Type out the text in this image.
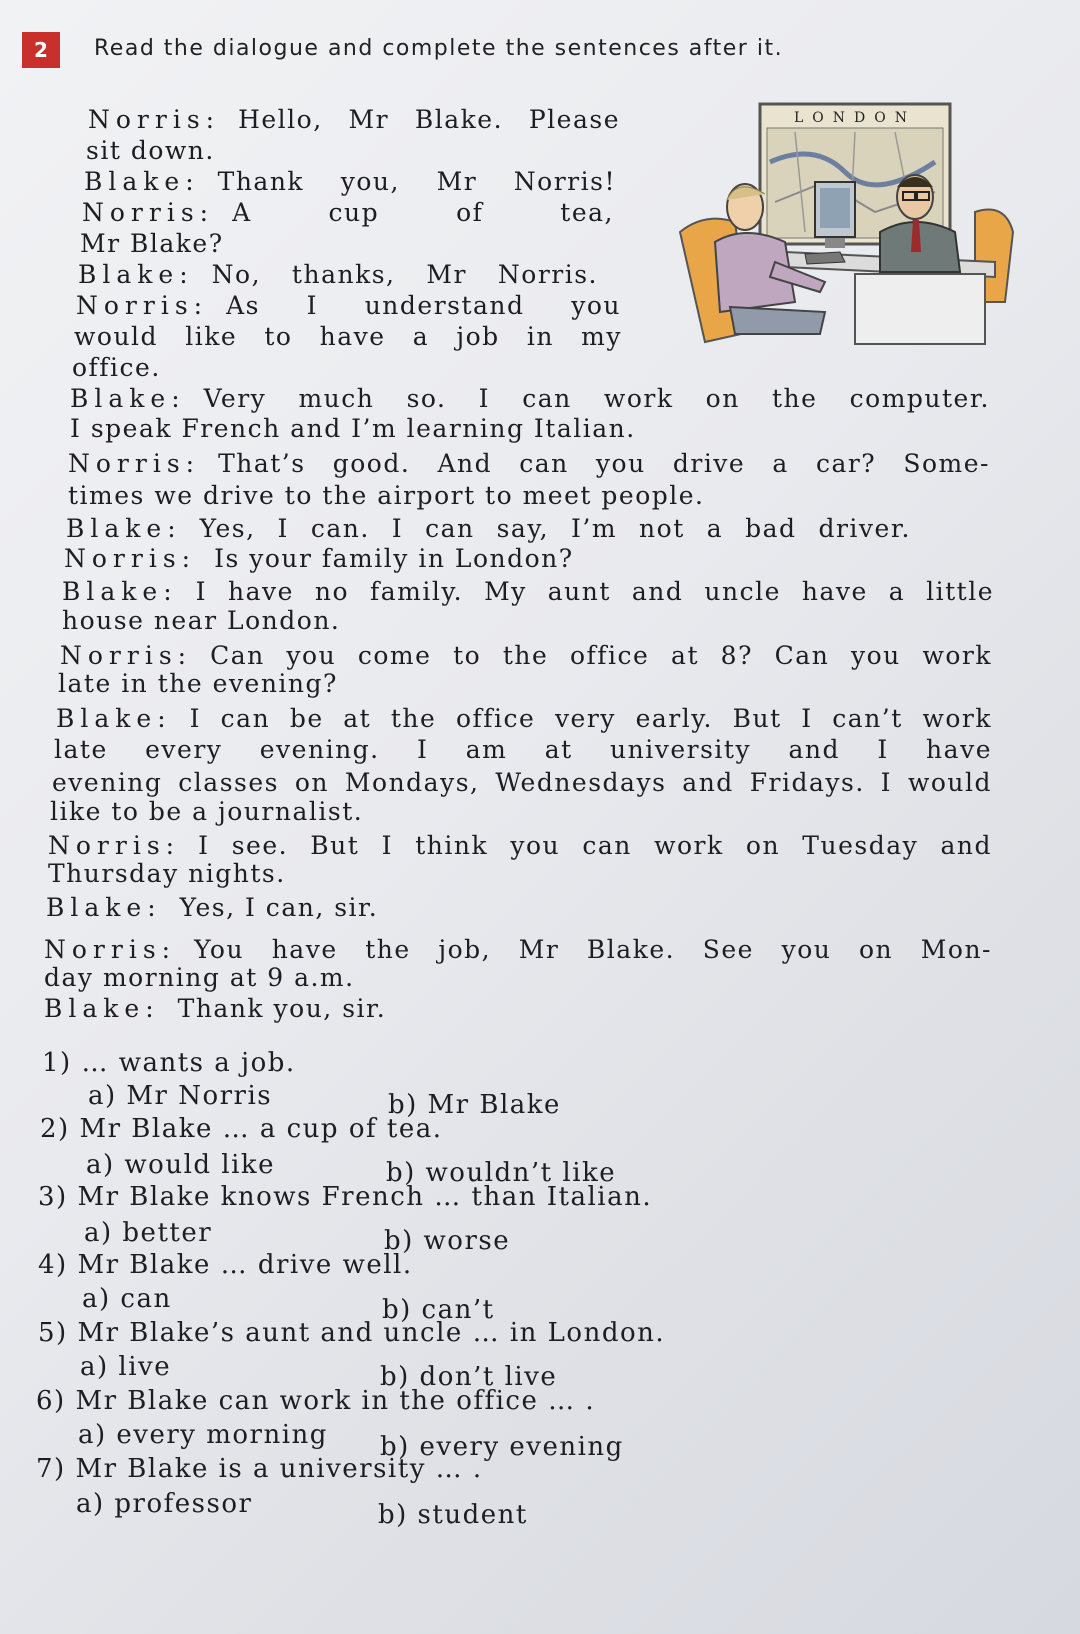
2	Read the dialogue and complete the sentences after it.
LONDON
Norris: Hello, Mr Blake. Please
sit down.
Blake: Thank you, Mr Norris!
Norris: A cup of tea,
Mr Blake?
Blake: No, thanks, Mr Norris.
Norris: As I understand you
would like to have a job in my
office.
Blake: Very much so. I can work on the computer.
I speak French and I’m learning Italian.
Norris: That’s good. And can you drive a car? Some-
times we drive to the airport to meet people.
Blake: Yes, I can. I can say, I’m not a bad driver.
Norris: Is your family in London?
Blake: I have no family. My aunt and uncle have a little
house near London.
Norris: Can you come to the office at 8? Can you work
late in the evening?
Blake: I can be at the office very early. But I can’t work
late every evening. I am at university and I have
evening classes on Mondays, Wednesdays and Fridays. I would
like to be a journalist.
Norris: I see. But I think you can work on Tuesday and
Thursday nights.
Blake: Yes, I can, sir.
Norris: You have the job, Mr Blake. See you on Mon-
day morning at 9 a.m.
Blake: Thank you, sir.
1) … wants a job.
a) Mr Norris	b) Mr Blake
2) Mr Blake … a cup of tea.
a) would like	b) wouldn’t like
3) Mr Blake knows French … than Italian.
a) better	b) worse
4) Mr Blake … drive well.
a) can	b) can’t
5) Mr Blake’s aunt and uncle … in London.
a) live	b) don’t live
6) Mr Blake can work in the office … .
a) every morning b) every evening
7) Mr Blake is a university … .
a) professor	b) student
